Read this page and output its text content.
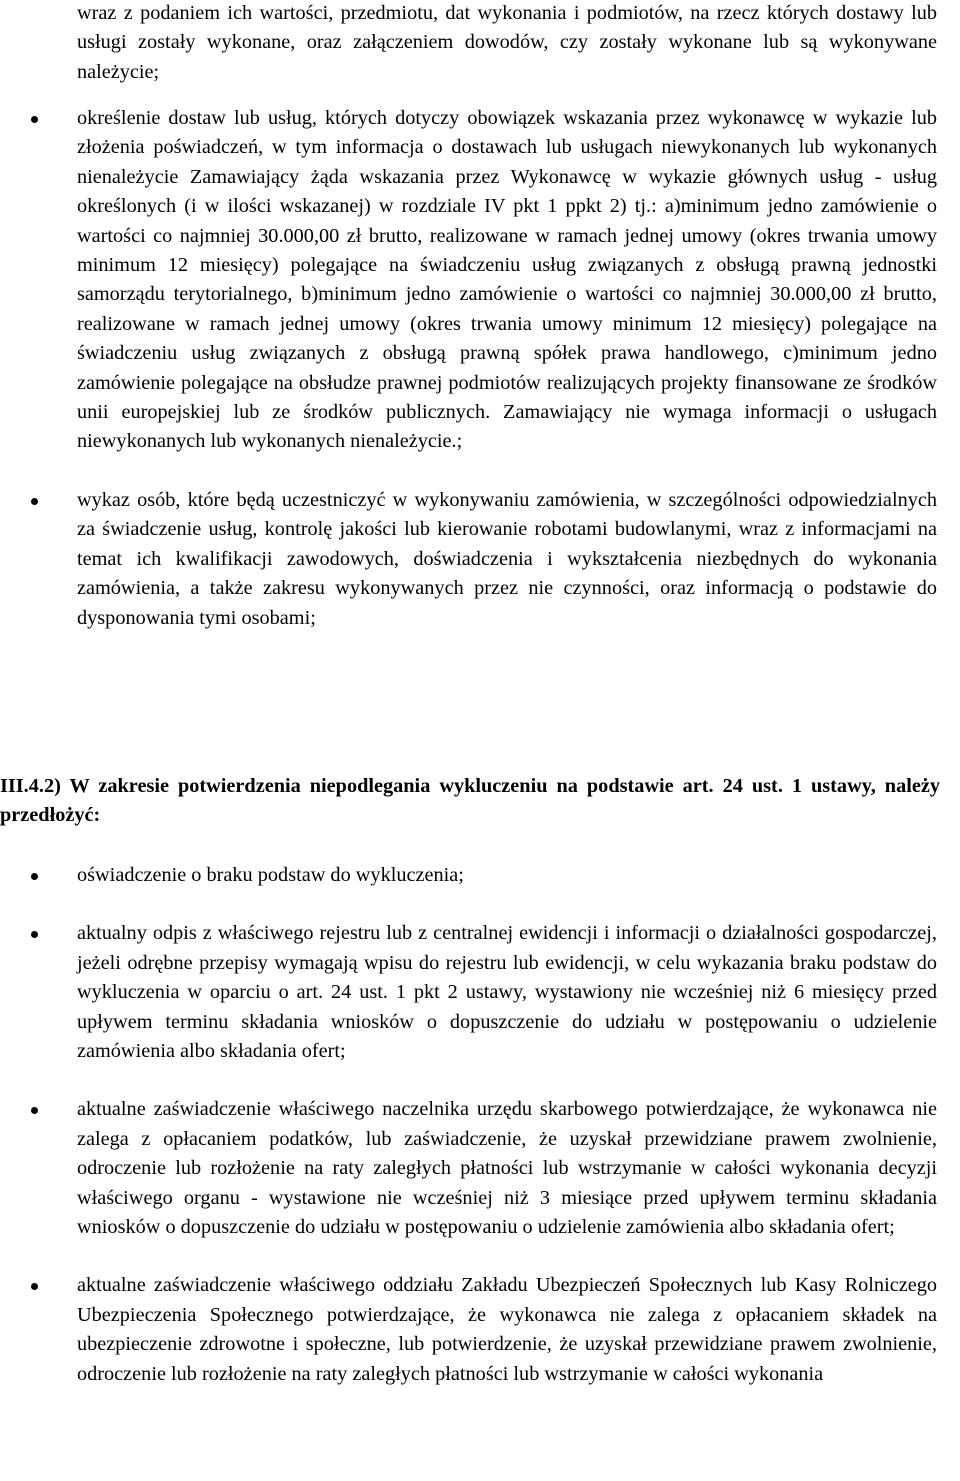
wraz z podaniem ich wartości, przedmiotu, dat wykonania i podmiotów, na rzecz których dostawy lub usługi zostały wykonane, oraz załączeniem dowodów, czy zostały wykonane lub są wykonywane należycie;

określenie dostaw lub usług, których dotyczy obowiązek wskazania przez wykonawcę w wykazie lub złożenia poświadczeń, w tym informacja o dostawach lub usługach niewykonanych lub wykonanych nienależycie Zamawiający żąda wskazania przez Wykonawcę w wykazie głównych usług - usług określonych (i w ilości wskazanej) w rozdziale IV pkt 1 ppkt 2) tj.: a)minimum jedno zamówienie o wartości co najmniej 30.000,00 zł brutto, realizowane w ramach jednej umowy (okres trwania umowy minimum 12 miesięcy) polegające na świadczeniu usług związanych z obsługą prawną jednostki samorządu terytorialnego, b)minimum jedno zamówienie o wartości co najmniej 30.000,00 zł brutto, realizowane w ramach jednej umowy (okres trwania umowy minimum 12 miesięcy) polegające na świadczeniu usług związanych z obsługą prawną spółek prawa handlowego, c)minimum jedno zamówienie polegające na obsłudze prawnej podmiotów realizujących projekty finansowane ze środków unii europejskiej lub ze środków publicznych. Zamawiający nie wymaga informacji o usługach niewykonanych lub wykonanych nienależycie.;

wykaz osób, które będą uczestniczyć w wykonywaniu zamówienia, w szczególności odpowiedzialnych za świadczenie usług, kontrolę jakości lub kierowanie robotami budowlanymi, wraz z informacjami na temat ich kwalifikacji zawodowych, doświadczenia i wykształcenia niezbędnych do wykonania zamówienia, a także zakresu wykonywanych przez nie czynności, oraz informacją o podstawie do dysponowania tymi osobami;

III.4.2) W zakresie potwierdzenia niepodlegania wykluczeniu na podstawie art. 24 ust. 1 ustawy, należy przedłożyć:

oświadczenie o braku podstaw do wykluczenia;

aktualny odpis z właściwego rejestru lub z centralnej ewidencji i informacji o działalności gospodarczej, jeżeli odrębne przepisy wymagają wpisu do rejestru lub ewidencji, w celu wykazania braku podstaw do wykluczenia w oparciu o art. 24 ust. 1 pkt 2 ustawy, wystawiony nie wcześniej niż 6 miesięcy przed upływem terminu składania wniosków o dopuszczenie do udziału w postępowaniu o udzielenie zamówienia albo składania ofert;

aktualne zaświadczenie właściwego naczelnika urzędu skarbowego potwierdzające, że wykonawca nie zalega z opłacaniem podatków, lub zaświadczenie, że uzyskał przewidziane prawem zwolnienie, odroczenie lub rozłożenie na raty zaległych płatności lub wstrzymanie w całości wykonania decyzji właściwego organu - wystawione nie wcześniej niż 3 miesiące przed upływem terminu składania wniosków o dopuszczenie do udziału w postępowaniu o udzielenie zamówienia albo składania ofert;

aktualne zaświadczenie właściwego oddziału Zakładu Ubezpieczeń Społecznych lub Kasy Rolniczego Ubezpieczenia Społecznego potwierdzające, że wykonawca nie zalega z opłacaniem składek na ubezpieczenie zdrowotne i społeczne, lub potwierdzenie, że uzyskał przewidziane prawem zwolnienie, odroczenie lub rozłożenie na raty zaległych płatności lub wstrzymanie w całości wykonania
